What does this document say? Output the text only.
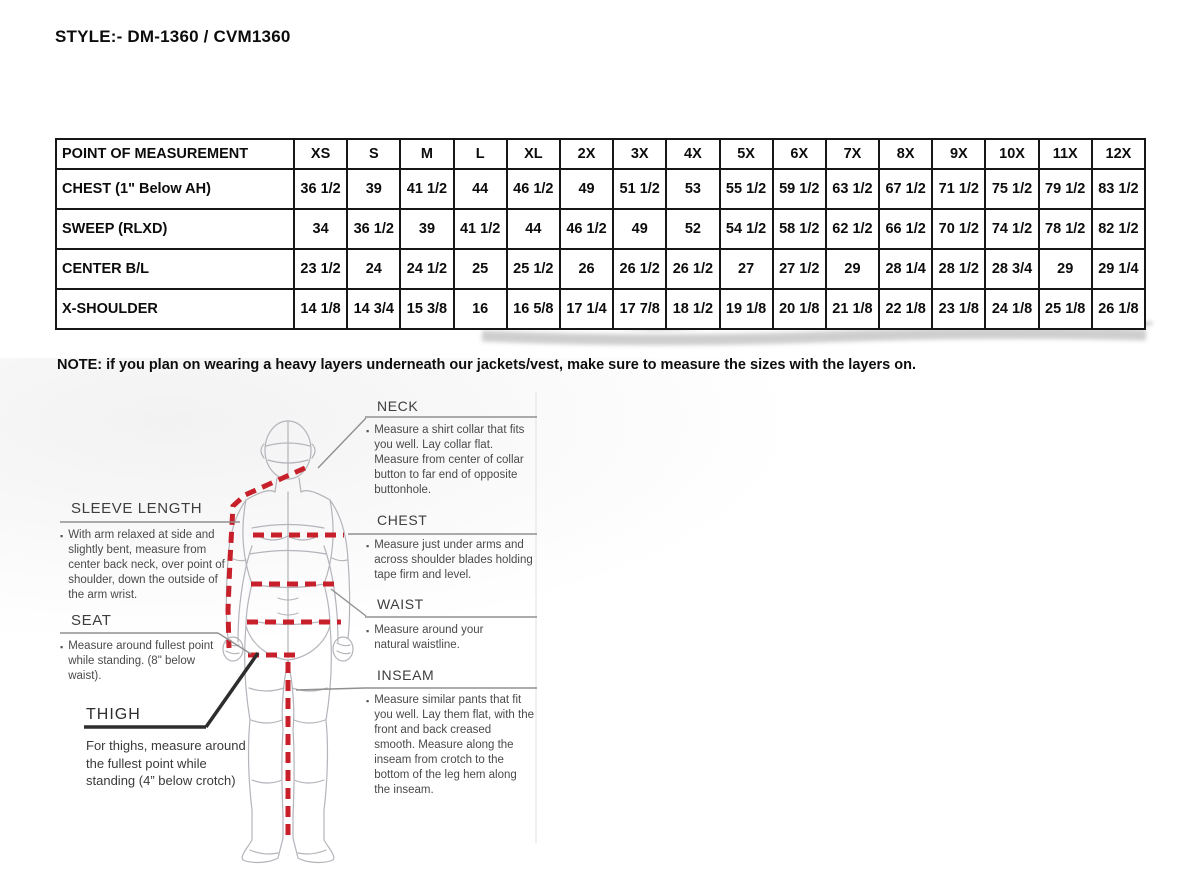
STYLE:- DM-1360 / CVM1360
POINT OF MEASUREMENT	XS	S	M	L	XL	2X	3X	4X	5X	6X	7X	8X	9X	10X	11X	12X
CHEST (1" Below AH)	36 1/2	39	41 1/2	44	46 1/2	49	51 1/2	53	55 1/2	59 1/2	63 1/2	67 1/2	71 1/2	75 1/2	79 1/2	83 1/2
SWEEP (RLXD)	34	36 1/2	39	41 1/2	44	46 1/2	49	52	54 1/2	58 1/2	62 1/2	66 1/2	70 1/2	74 1/2	78 1/2	82 1/2
CENTER B/L	23 1/2	24	24 1/2	25	25 1/2	26	26 1/2	26 1/2	27	27 1/2	29	28 1/4	28 1/2	28 3/4	29	29 1/4
X-SHOULDER	14 1/8	14 3/4	15 3/8	16	16 5/8	17 1/4	17 7/8	18 1/2	19 1/8	20 1/8	21 1/8	22 1/8	23 1/8	24 1/8	25 1/8	26 1/8
NOTE: if you plan on wearing a heavy layers underneath our jackets/vest, make sure to measure the sizes with the layers on.
NECK
▪ Measure a shirt collar that fits you well. Lay collar flat. Measure from center of collar button to far end of opposite buttonhole.
CHEST
▪ Measure just under arms and across shoulder blades holding tape firm and level.
WAIST
▪ Measure around your natural waistline.
INSEAM
▪ Measure similar pants that fit you well. Lay them flat, with the front and back creased smooth. Measure along the inseam from crotch to the bottom of the leg hem along the inseam.
SLEEVE LENGTH
▪ With arm relaxed at side and slightly bent, measure from center back neck, over point of shoulder, down the outside of the arm wrist.
SEAT
▪ Measure around fullest point while standing. (8" below waist).
THIGH
For thighs, measure around the fullest point while standing (4” below crotch)
